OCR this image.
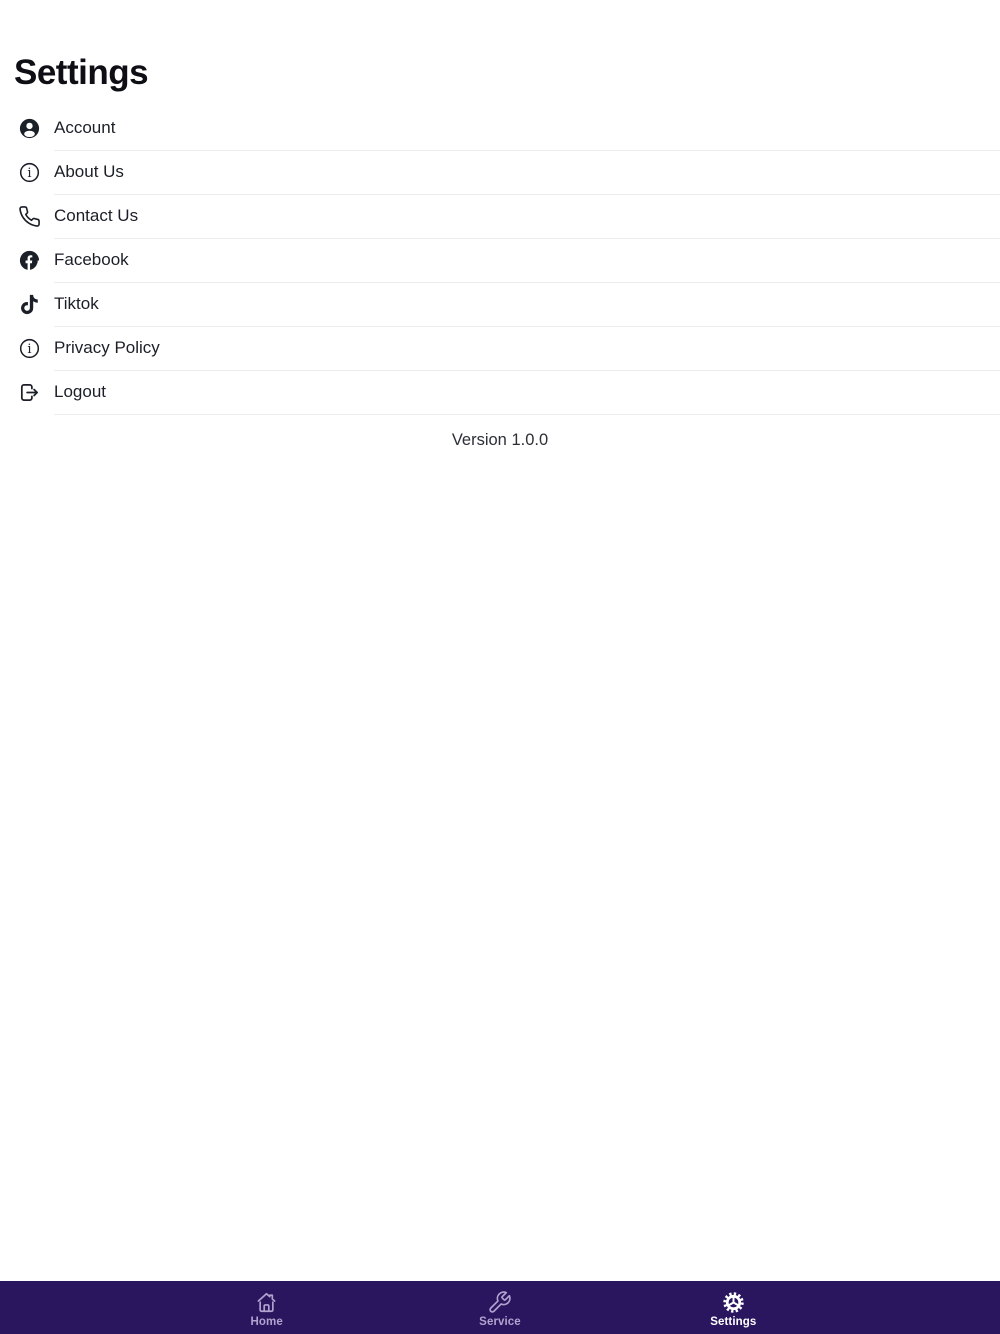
Settings
Account
i About Us
Contact Us
Facebook
Tiktok
i Privacy Policy
Logout
Version 1.0.0
Home	Service	Settings
